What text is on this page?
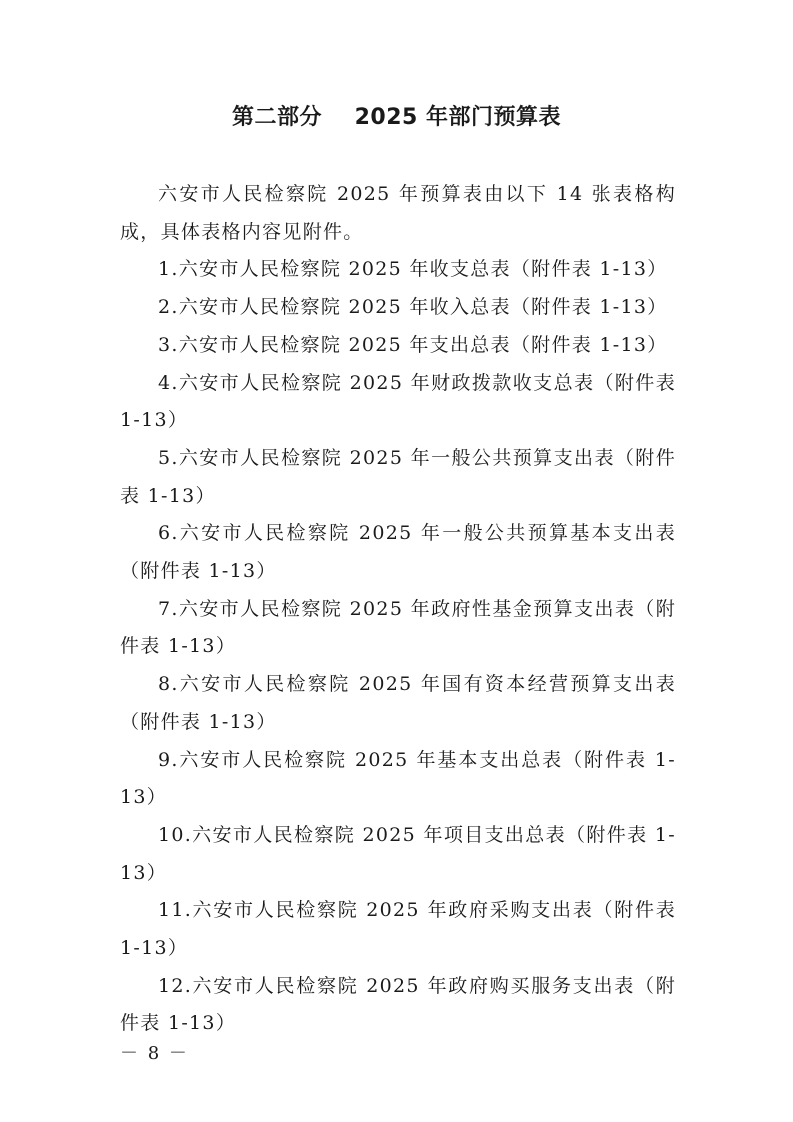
第二部分    2025 年部门预算表

六安市人民检察院 2025 年预算表由以下 14 张表格构成，具体表格内容见附件。

1.六安市人民检察院 2025 年收支总表（附件表 1-13）

2.六安市人民检察院 2025 年收入总表（附件表 1-13）

3.六安市人民检察院 2025 年支出总表（附件表 1-13）

4.六安市人民检察院 2025 年财政拨款收支总表（附件表 1-13）

5.六安市人民检察院 2025 年一般公共预算支出表（附件表 1-13）

6.六安市人民检察院 2025 年一般公共预算基本支出表（附件表 1-13）

7.六安市人民检察院 2025 年政府性基金预算支出表（附件表 1-13）

8.六安市人民检察院 2025 年国有资本经营预算支出表（附件表 1-13）

9.六安市人民检察院 2025 年基本支出总表（附件表 1-13）

10.六安市人民检察院 2025 年项目支出总表（附件表 1-13）

11.六安市人民检察院 2025 年政府采购支出表（附件表 1-13）

12.六安市人民检察院 2025 年政府购买服务支出表（附件表 1-13）

－ 8 －
